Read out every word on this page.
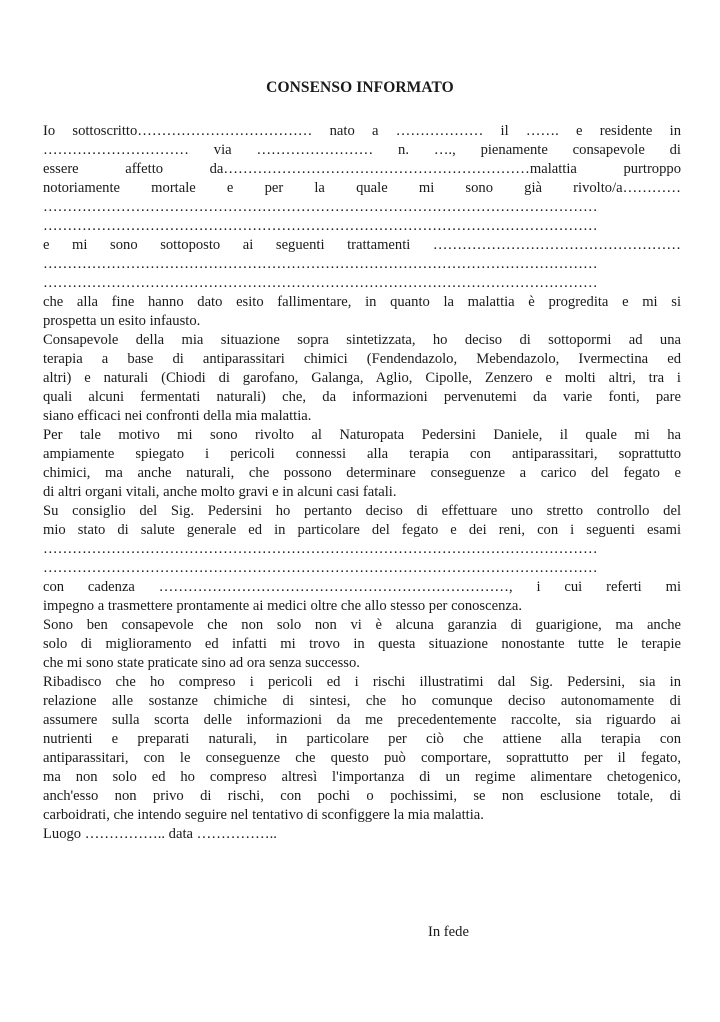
CONSENSO INFORMATO
Io sottoscritto……………………………… nato a ……………… il ……. e residente in
………………………… via …………………… n. …., pienamente consapevole di
essere affetto da………………………………………………………malattia purtroppo
notoriamente mortale e per la quale mi sono già rivolto/a…………
……………………………………………………………………………………………………
……………………………………………………………………………………………………
e mi sono sottoposto ai seguenti trattamenti ……………………………………………
……………………………………………………………………………………………………
……………………………………………………………………………………………………
che alla fine hanno dato esito fallimentare, in quanto la malattia è progredita e mi si
prospetta un esito infausto.
Consapevole della mia situazione sopra sintetizzata, ho deciso di sottopormi ad una
terapia a base di antiparassitari chimici (Fendendazolo, Mebendazolo, Ivermectina ed
altri) e naturali (Chiodi di garofano, Galanga, Aglio, Cipolle, Zenzero e molti altri, tra i
quali alcuni fermentati naturali) che, da informazioni pervenutemi da varie fonti, pare
siano efficaci nei confronti della mia malattia.
Per tale motivo mi sono rivolto al Naturopata Pedersini Daniele, il quale mi ha
ampiamente spiegato i pericoli connessi alla terapia con antiparassitari, soprattutto
chimici, ma anche naturali, che possono determinare conseguenze a carico del fegato e
di altri organi vitali, anche molto gravi e in alcuni casi fatali.
Su consiglio del Sig. Pedersini ho pertanto deciso di effettuare uno stretto controllo del
mio stato di salute generale ed in particolare del fegato e dei reni, con i seguenti esami
……………………………………………………………………………………………………
……………………………………………………………………………………………………
con cadenza ………………………………………………………………, i cui referti mi
impegno a trasmettere prontamente ai medici oltre che allo stesso per conoscenza.
Sono ben consapevole che non solo non vi è alcuna garanzia di guarigione, ma anche
solo di miglioramento ed infatti mi trovo in questa situazione nonostante tutte le terapie
che mi sono state praticate sino ad ora senza successo.
Ribadisco che ho compreso i pericoli ed i rischi illustratimi dal Sig. Pedersini, sia in
relazione alle sostanze chimiche di sintesi, che ho comunque deciso autonomamente di
assumere sulla scorta delle informazioni da me precedentemente raccolte, sia riguardo ai
nutrienti e preparati naturali, in particolare per ciò che attiene alla terapia con
antiparassitari, con le conseguenze che questo può comportare, soprattutto per il fegato,
ma non solo ed ho compreso altresì l'importanza di un regime alimentare chetogenico,
anch'esso non privo di rischi, con pochi o pochissimi, se non esclusione totale, di
carboidrati, che intendo seguire nel tentativo di sconfiggere la mia malattia.
Luogo …………….. data ……………..
In fede
